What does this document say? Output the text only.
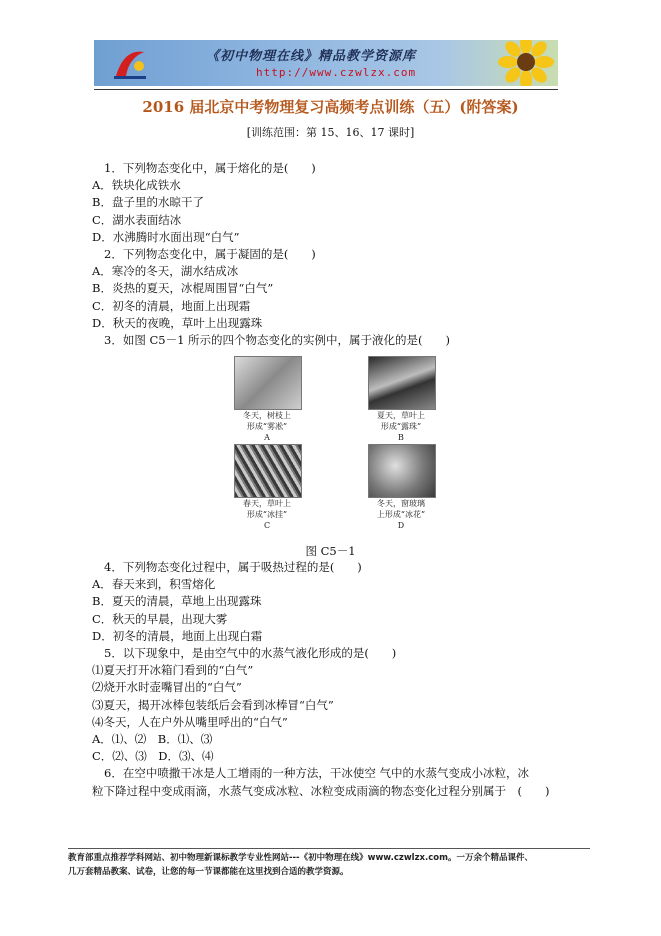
《初中物理在线》精品教学资源库
http://www.czwlzx.com
2016 届北京中考物理复习高频考点训练（五）(附答案)
[训练范围：第 15、16、17 课时]
1．下列物态变化中，属于熔化的是(　　)
A．铁块化成铁水
B．盘子里的水晾干了
C．湖水表面结冰
D．水沸腾时水面出现“白气”
2．下列物态变化中，属于凝固的是(　　)
A．寒冷的冬天，湖水结成冰
B．炎热的夏天，冰棍周围冒“白气”
C．初冬的清晨，地面上出现霜
D．秋天的夜晚，草叶上出现露珠
3．如图 C5－1 所示的四个物态变化的实例中，属于液化的是(　　)
冬天，树枝上
形成“雾凇”
A
夏天，草叶上
形成“露珠”
B
春天，草叶上
形成“冰挂”
C
冬天，窗玻璃
上形成“冰花”
D
图 C5－1
4．下列物态变化过程中，属于吸热过程的是(　　)
A．春天来到，积雪熔化
B．夏天的清晨，草地上出现露珠
C．秋天的早晨，出现大雾
D．初冬的清晨，地面上出现白霜
5．以下现象中，是由空气中的水蒸气液化形成的是(　　)
⑴夏天打开冰箱门看到的“白气”
⑵烧开水时壶嘴冒出的“白气”
⑶夏天，揭开冰棒包装纸后会看到冰棒冒“白气”
⑷冬天，人在户外从嘴里呼出的“白气”
A．⑴、⑵　B．⑴、⑶
C．⑵、⑶　D．⑶、⑷
6．在空中喷撒干冰是人工增雨的一种方法，干冰使空 气中的水蒸气变成小冰粒，冰
粒下降过程中变成雨滴，水蒸气变成冰粒、冰粒变成雨滴的物态变化过程分别属于　(　　)
教育部重点推荐学科网站、初中物理新课标教学专业性网站---《初中物理在线》www.czwlzx.com。一万余个精品课件、
几万套精品教案、试卷，让您的每一节课都能在这里找到合适的教学资源。
